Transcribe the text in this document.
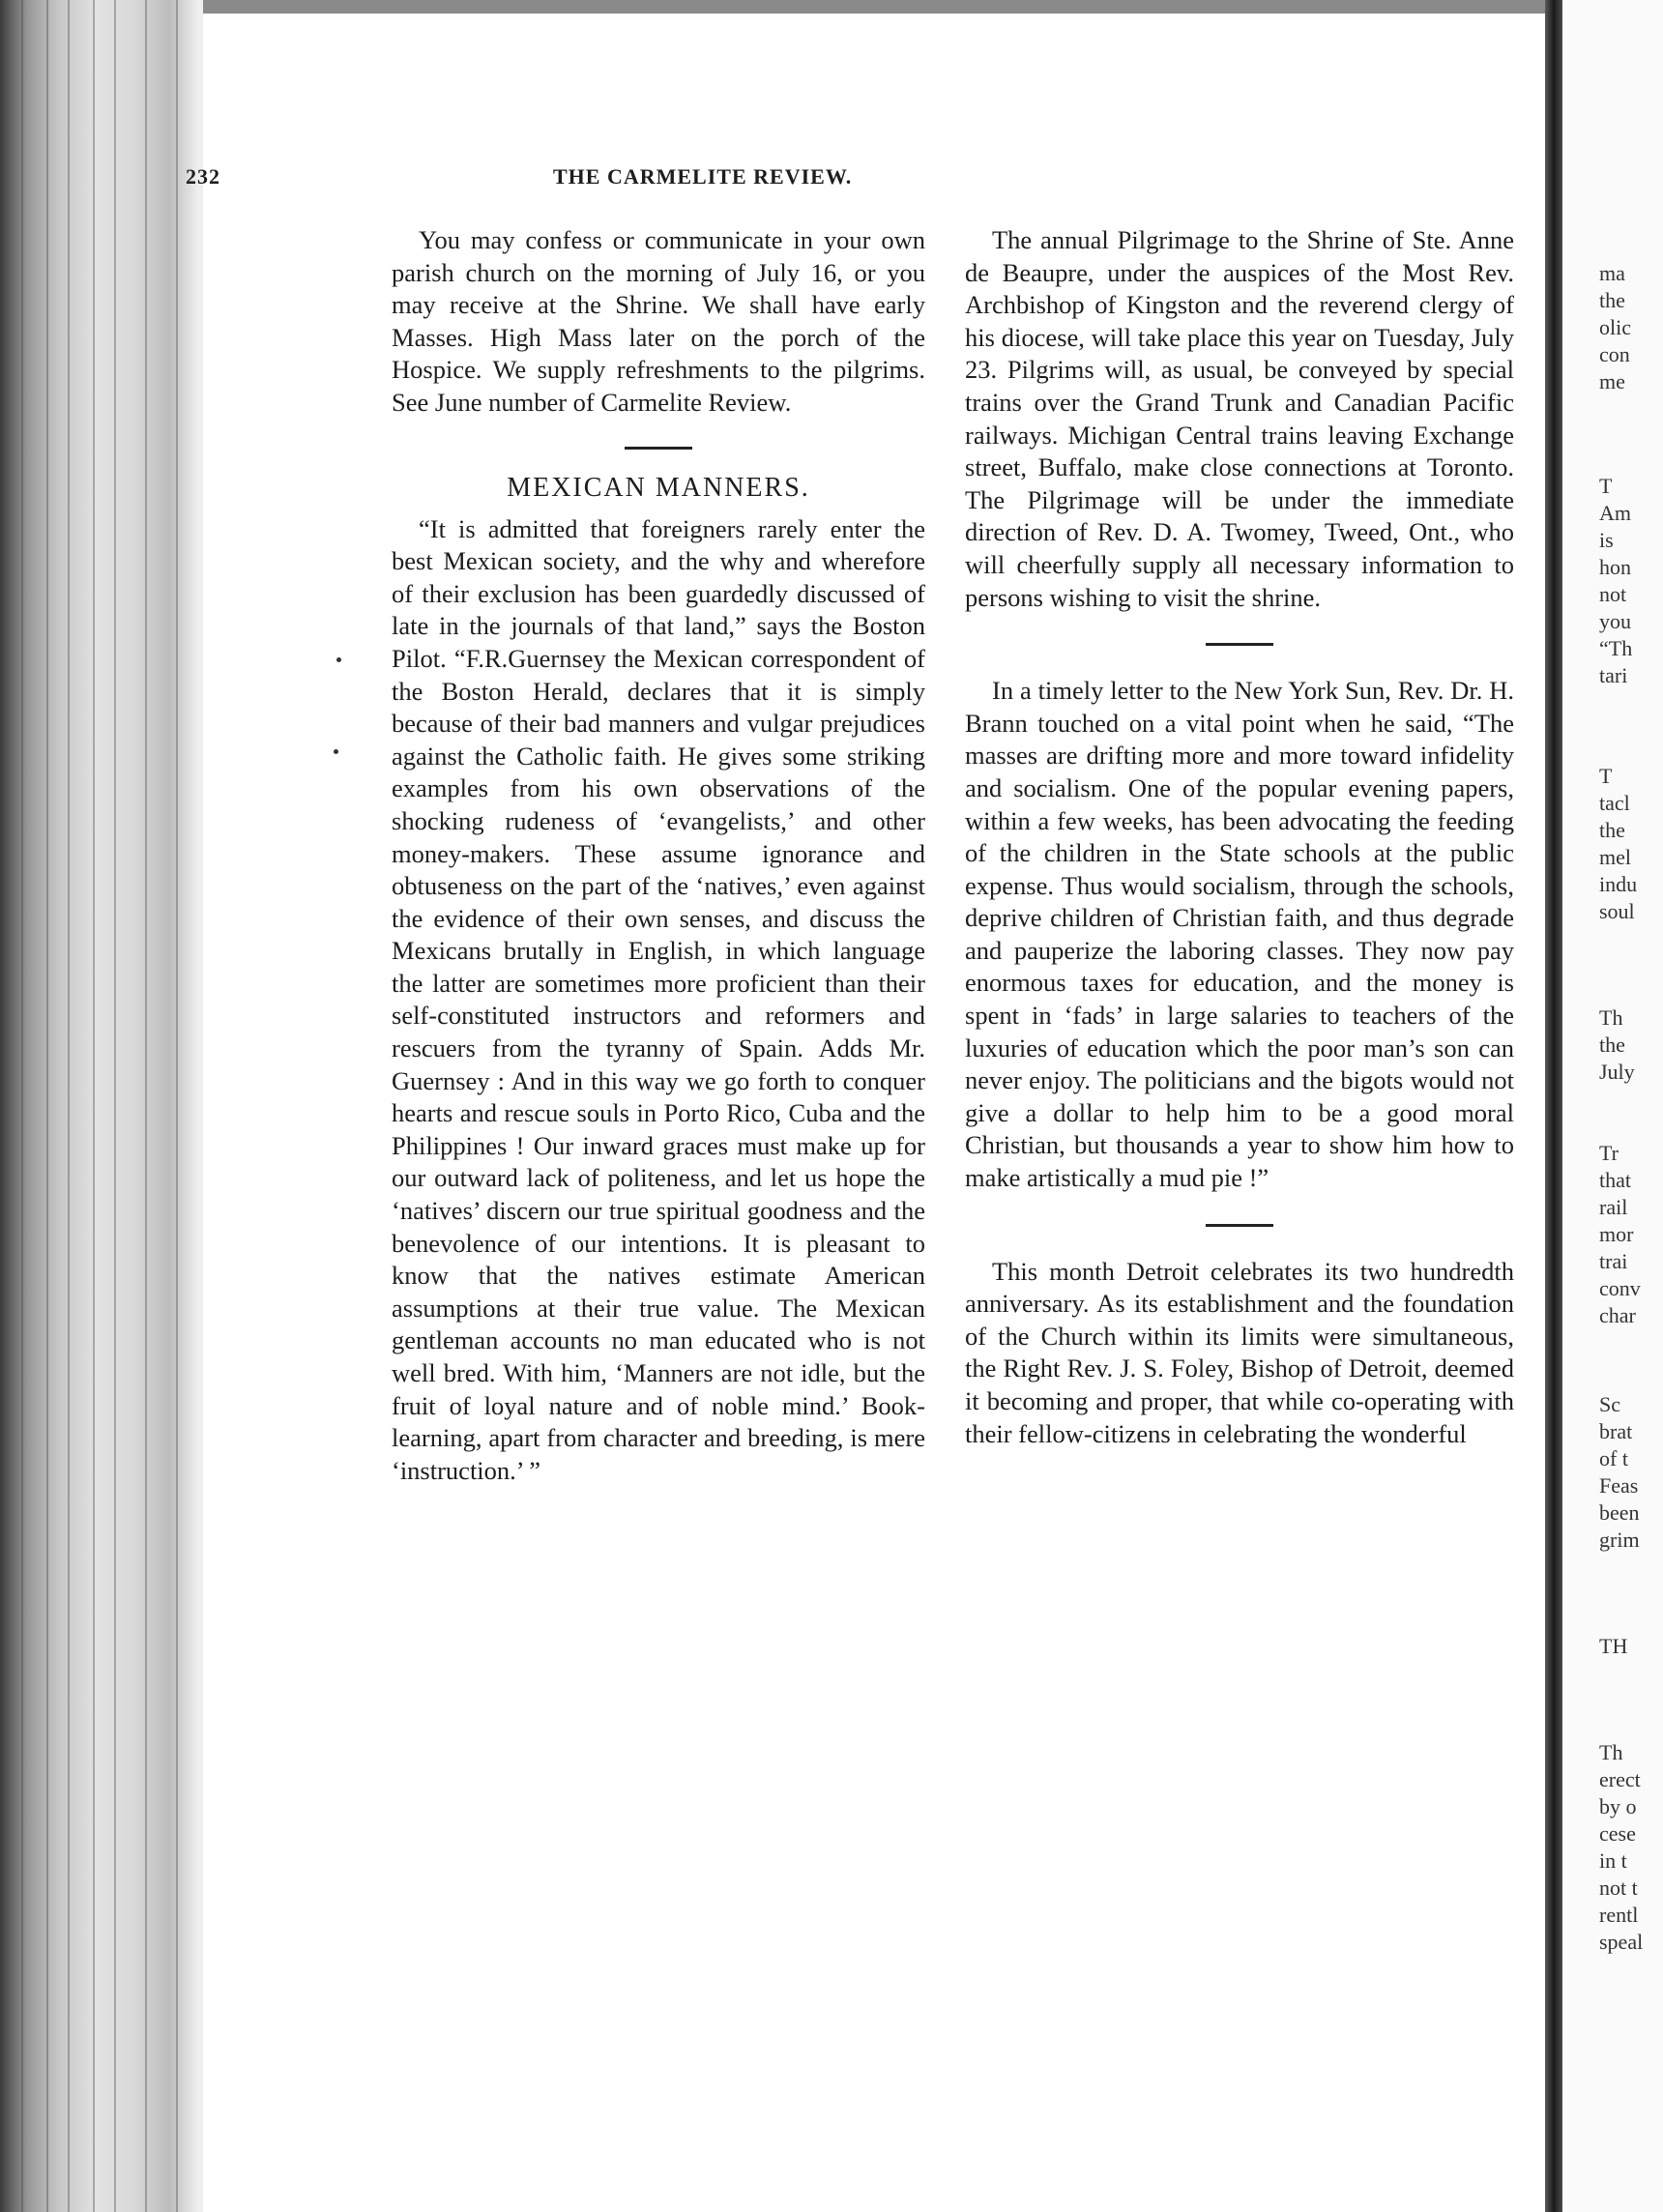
232	THE CARMELITE REVIEW.

You may confess or communicate in your own parish church on the morning of July 16, or you may receive at the Shrine. We shall have early Masses. High Mass later on the porch of the Hospice. We supply refreshments to the pilgrims. See June number of Carmelite Review.

MEXICAN MANNERS.

“It is admitted that foreigners rarely enter the best Mexican society, and the why and wherefore of their exclusion has been guardedly discussed of late in the journals of that land,” says the Boston Pilot. “F.R.Guernsey the Mexican correspondent of the Boston Herald, declares that it is simply because of their bad manners and vulgar prejudices against the Catholic faith. He gives some striking examples from his own observations of the shocking rudeness of ‘evangelists,’ and other money-makers. These assume ignorance and obtuseness on the part of the ‘natives,’ even against the evidence of their own senses, and discuss the Mexicans brutally in English, in which language the latter are sometimes more proficient than their self-constituted instructors and reformers and rescuers from the tyranny of Spain. Adds Mr. Guernsey : And in this way we go forth to conquer hearts and rescue souls in Porto Rico, Cuba and the Philippines ! Our inward graces must make up for our outward lack of politeness, and let us hope the ‘natives’ discern our true spiritual goodness and the benevolence of our intentions. It is pleasant to know that the natives estimate American assumptions at their true value. The Mexican gentleman accounts no man educated who is not well bred. With him, ‘Manners are not idle, but the fruit of loyal nature and of noble mind.’ Book-learning, apart from character and breeding, is mere ‘instruction.’ ”

The annual Pilgrimage to the Shrine of Ste. Anne de Beaupre, under the auspices of the Most Rev. Archbishop of Kingston and the reverend clergy of his diocese, will take place this year on Tuesday, July 23. Pilgrims will, as usual, be conveyed by special trains over the Grand Trunk and Canadian Pacific railways. Michigan Central trains leaving Exchange street, Buffalo, make close connections at Toronto. The Pilgrimage will be under the immediate direction of Rev. D. A. Twomey, Tweed, Ont., who will cheerfully supply all necessary information to persons wishing to visit the shrine.

In a timely letter to the New York Sun, Rev. Dr. H. Brann touched on a vital point when he said, “The masses are drifting more and more toward infidelity and socialism. One of the popular evening papers, within a few weeks, has been advocating the feeding of the children in the State schools at the public expense. Thus would socialism, through the schools, deprive children of Christian faith, and thus degrade and pauperize the laboring classes. They now pay enormous taxes for education, and the money is spent in ‘fads’ in large salaries to teachers of the luxuries of education which the poor man’s son can never enjoy. The politicians and the bigots would not give a dollar to help him to be a good moral Christian, but thousands a year to show him how to make artistically a mud pie !”

This month Detroit celebrates its two hundredth anniversary. As its establishment and the foundation of the Church within its limits were simultaneous, the Right Rev. J. S. Foley, Bishop of Detroit, deemed it becoming and proper, that while co-operating with their fellow-citizens in celebrating the wonderful

ma
the
olic
con
me
T
Am
is
hon
not
you
“Th
tari
T
tacl
the
mel
indu
soul
Th
the
July
Tr
that
rail
mor
trai
conv
char
Sc
brat
of t
Feas
been
grim
TH
Th
erect
by o
cese
in t
not t
rentl
speal
